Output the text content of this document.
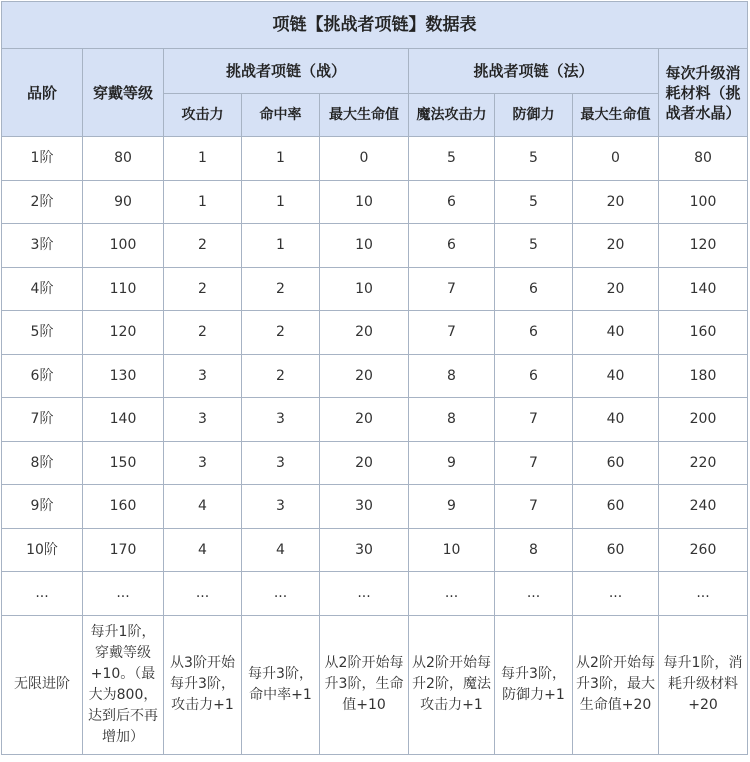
项链【挑战者项链】数据表								
品阶	穿戴等级	挑战者项链（战）			挑战者项链（法）			每次升级消耗材料（挑战者水晶）
		攻击力	命中率	最大生命值	魔法攻击力	防御力	最大生命值	
1阶	80	1	1	0	5	5	0	80
2阶	90	1	1	10	6	5	20	100
3阶	100	2	1	10	6	5	20	120
4阶	110	2	2	10	7	6	20	140
5阶	120	2	2	20	7	6	40	160
6阶	130	3	2	20	8	6	40	180
7阶	140	3	3	20	8	7	40	200
8阶	150	3	3	20	9	7	60	220
9阶	160	4	3	30	9	7	60	240
10阶	170	4	4	30	10	8	60	260
...	...	...	...	...	...	...	...	...
无限进阶	每升1阶，穿戴等级+10。（最大为800，达到后不再增加）	从3阶开始每升3阶，攻击力+1	每升3阶，命中率+1	从2阶开始每升3阶，生命值+10	从2阶开始每升2阶，魔法攻击力+1	每升3阶，防御力+1	从2阶开始每升3阶，最大生命值+20	每升1阶，消耗升级材料+20
